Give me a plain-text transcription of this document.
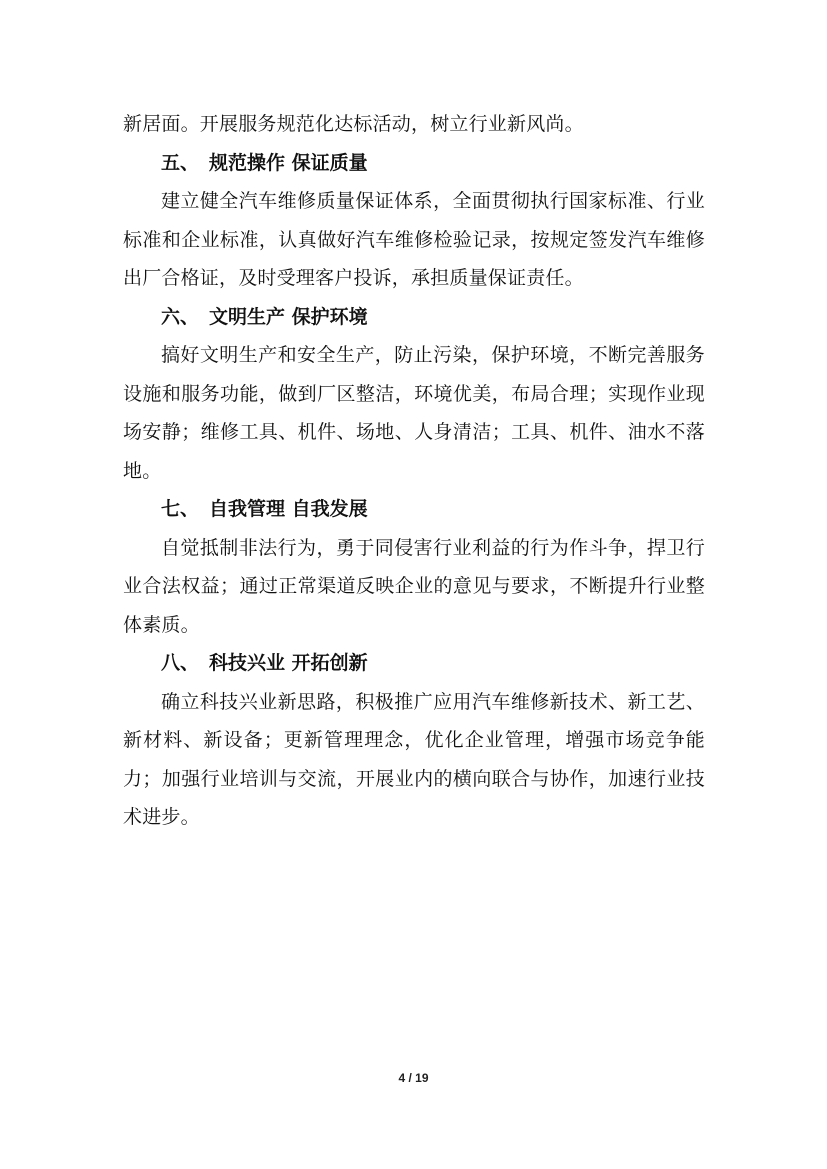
新居面。开展服务规范化达标活动，树立行业新风尚。

五、 规范操作 保证质量

建立健全汽车维修质量保证体系，全面贯彻执行国家标准、行业标准和企业标准，认真做好汽车维修检验记录，按规定签发汽车维修出厂合格证，及时受理客户投诉，承担质量保证责任。

六、 文明生产 保护环境

搞好文明生产和安全生产，防止污染，保护环境，不断完善服务设施和服务功能，做到厂区整洁，环境优美，布局合理；实现作业现场安静；维修工具、机件、场地、人身清洁；工具、机件、油水不落地。

七、 自我管理 自我发展

自觉抵制非法行为，勇于同侵害行业利益的行为作斗争，捍卫行业合法权益；通过正常渠道反映企业的意见与要求，不断提升行业整体素质。

八、 科技兴业 开拓创新

确立科技兴业新思路，积极推广应用汽车维修新技术、新工艺、新材料、新设备；更新管理理念，优化企业管理，增强市场竞争能力；加强行业培训与交流，开展业内的横向联合与协作，加速行业技术进步。

4 / 19
